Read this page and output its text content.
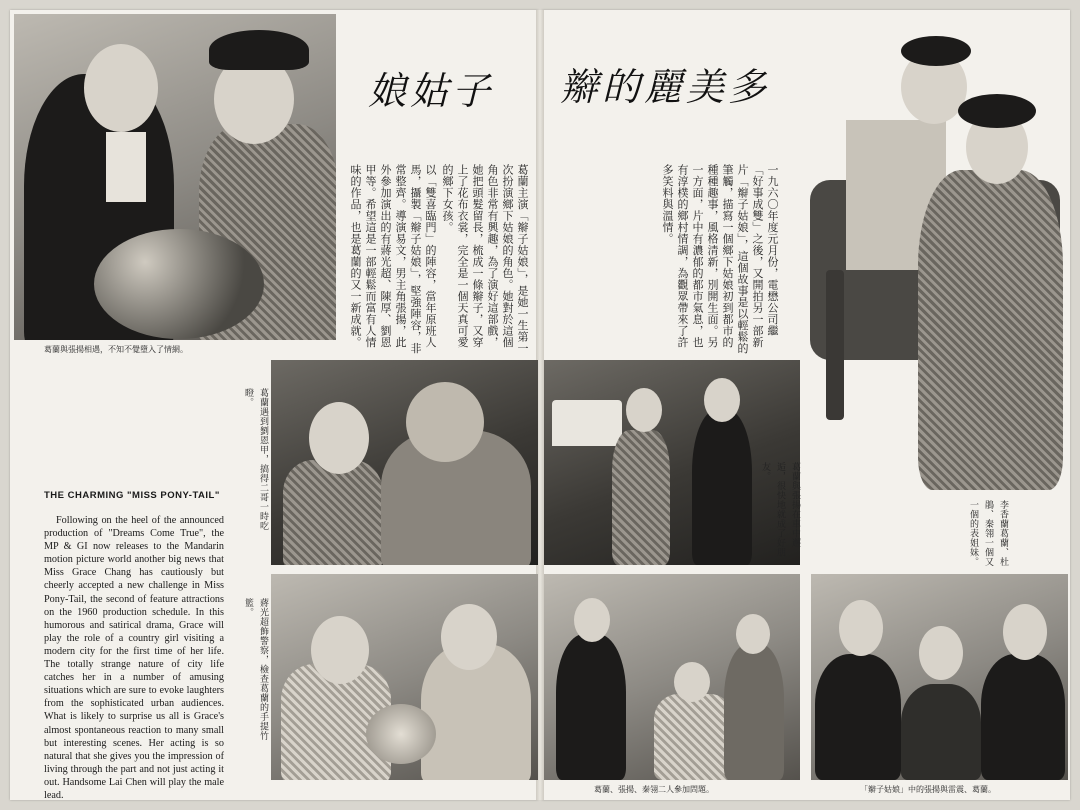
葛蘭與張揚相遇，不知不覺墮入了情網。
娘姑子 辮的麗美多
葛蘭主演「辮子姑娘」，是她一生第一次扮演鄉下姑娘的角色。她對於這個角色非常有興趣，為了演好這部戲，她把頭髮留長，梳成一條辮子，又穿上了花布衣裳，完全是一個天真可愛的鄉下女孩。
以「雙喜臨門」的陣容，當年原班人馬，攝製「辮子姑娘」，堅強陣容，非常整齊。導演易文，男主角張揚，此外參加演出的有蔣光超、陳厚、劉恩甲等。希望這是一部輕鬆而富有人情味的作品，也是葛蘭的又一新成就。	一九六〇年度元月份，電懋公司繼「好事成雙」之後，又開拍另一部新片「辮子姑娘」，這個故事是以輕鬆的筆觸，描寫一個鄉下姑娘初到都市的種種趣事，風格清新，別開生面。另一方面，片中有濃郁的都市氣息，也有淳樸的鄉村情調，為觀眾帶來了許多笑料與溫情。
葛蘭遇到劉恩甲，搞得二哥一時吃瞪。
蔣光超飾警察，檢查葛蘭的手提竹籃。
THE CHARMING "MISS PONY-TAIL"
Following on the heel of the announced production of "Dreams Come True", the MP & GI now releases to the Mandarin motion picture world another big news that Miss Grace Chang has cautiously but cheerly accepted a new challenge in Miss Pony-Tail, the second of feature attractions on the 1960 production schedule. In this humorous and satirical drama, Grace will play the role of a country girl visiting a modern city for the first time of her life. The totally strange nature of city life catches her in a number of amusing situations which are sure to evoke laughters from the sophisticated urban audiences. What is likely to surprise us all is Grace's almost spontaneous reaction to many small but interesting scenes. Her acting is so natural that she gives you the impression of living through the part and not just acting it out. Handsome Lai Chen will play the male lead.
葛蘭與張揚在車中邂逅，很快地就成了好朋友。
李香蘭葛蘭、杜鵑、秦翎一個又一個的表姐妹。
葛蘭、張揚、秦翎二人參加問題。	「辮子姑娘」中的張揚與雷震、葛蘭。
